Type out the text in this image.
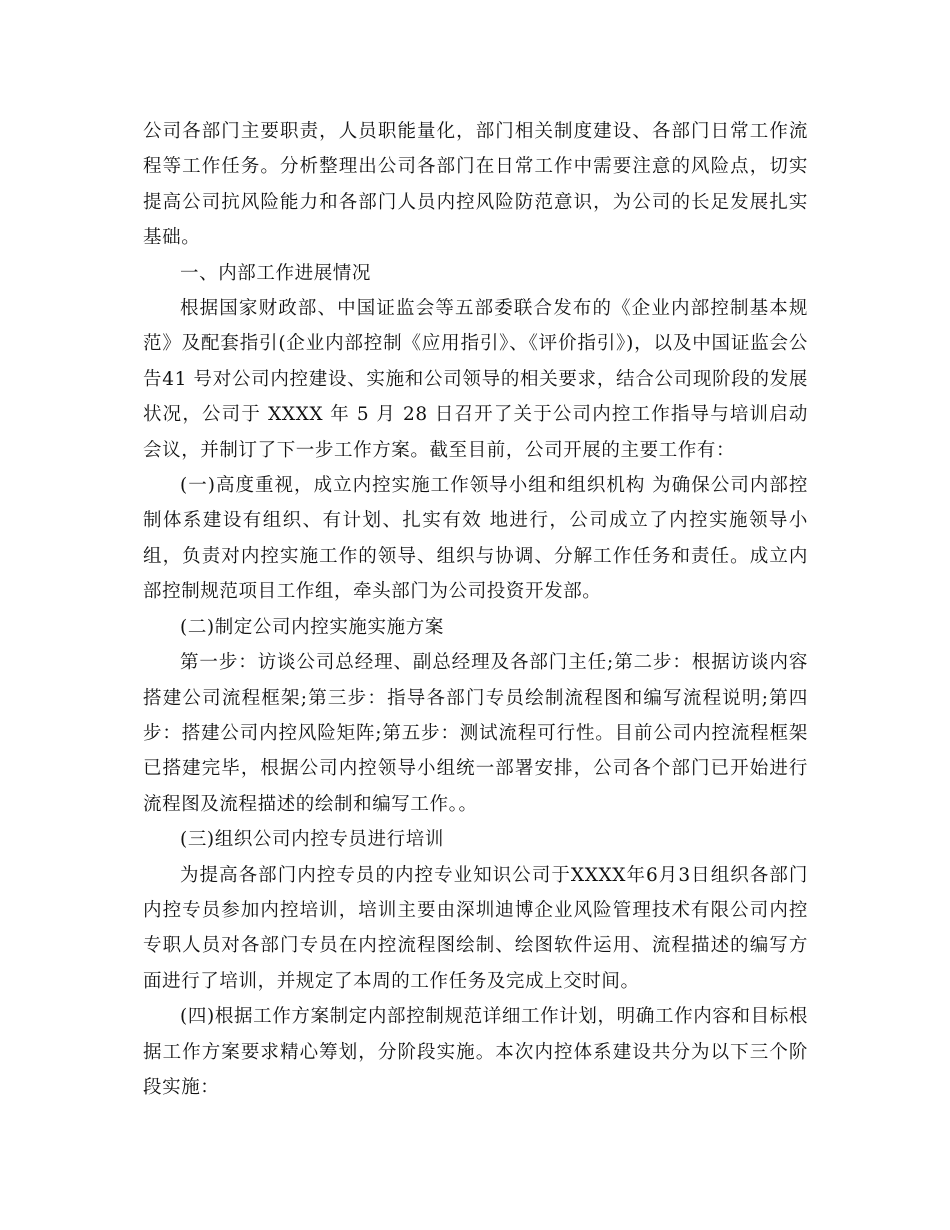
公司各部门主要职责，人员职能量化，部门相关制度建设、各部门日常工作流程等工作任务。分析整理出公司各部门在日常工作中需要注意的风险点，切实提高公司抗风险能力和各部门人员内控风险防范意识，为公司的长足发展扎实基础。

一、内部工作进展情况

根据国家财政部、中国证监会等五部委联合发布的《企业内部控制基本规范》及配套指引(企业内部控制《应用指引》、《评价指引》)，以及中国证监会公告41 号对公司内控建设、实施和公司领导的相关要求，结合公司现阶段的发展状况，公司于 XXXX 年 5 月 28 日召开了关于公司内控工作指导与培训启动会议，并制订了下一步工作方案。截至目前，公司开展的主要工作有：

(一)高度重视，成立内控实施工作领导小组和组织机构 为确保公司内部控制体系建设有组织、有计划、扎实有效 地进行，公司成立了内控实施领导小组，负责对内控实施工作的领导、组织与协调、分解工作任务和责任。成立内部控制规范项目工作组，牵头部门为公司投资开发部。

(二)制定公司内控实施实施方案

第一步：访谈公司总经理、副总经理及各部门主任;第二步：根据访谈内容搭建公司流程框架;第三步：指导各部门专员绘制流程图和编写流程说明;第四步：搭建公司内控风险矩阵;第五步：测试流程可行性。目前公司内控流程框架已搭建完毕，根据公司内控领导小组统一部署安排，公司各个部门已开始进行流程图及流程描述的绘制和编写工作。。

(三)组织公司内控专员进行培训

为提高各部门内控专员的内控专业知识公司于XXXX年6月3日组织各部门内控专员参加内控培训，培训主要由深圳迪博企业风险管理技术有限公司内控专职人员对各部门专员在内控流程图绘制、绘图软件运用、流程描述的编写方面进行了培训，并规定了本周的工作任务及完成上交时间。

(四)根据工作方案制定内部控制规范详细工作计划，明确工作内容和目标根据工作方案要求精心筹划，分阶段实施。本次内控体系建设共分为以下三个阶段实施：
